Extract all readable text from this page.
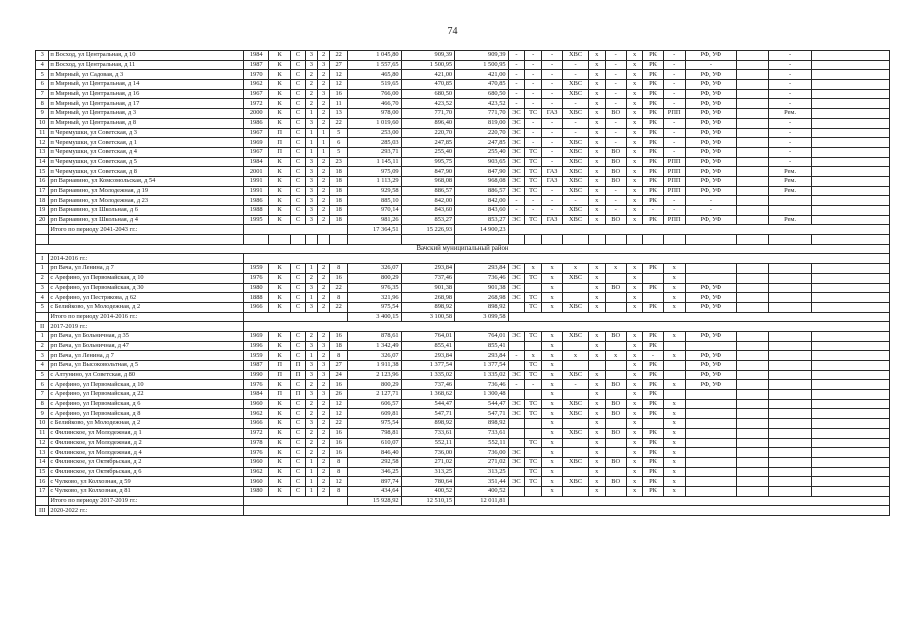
74
3	п Восход, ул Центральная, д 10	1984	К	С	3	2	22	1 045,80	909,39	909,39	-	-	-	ХВС	х	-	х	РК	-	РФ, УФ		-	
4	п Восход, ул Центральная, д 11	1987	К	С	3	3	27	1 557,65	1 500,95	1 500,95	-	-	-	-	х	-	х	РК	-	-		-	
5	п Мирный, ул Садовая, д 3	1970	К	С	2	2	12	465,80	421,00	421,00	-	-	-	-	х	-	х	РК	-	РФ, УФ		-	
6	п Мирный, ул Центральная, д 14	1962	К	С	2	2	12	519,65	470,85	470,85	-	-	-	ХВС	х	-	х	РК	-	РФ, УФ		-	
7	п Мирный, ул Центральная, д 16	1967	К	С	2	3	16	766,00	680,50	680,50	-	-	-	ХВС	х	-	х	РК	-	РФ, УФ		-	
8	п Мирный, ул Центральная, д 17	1972	К	С	2	2	11	466,70	423,52	423,52	-	-	-	-	х	-	х	РК	-	РФ, УФ		-	
9	п Мирный, ул Центральная, д 3	2000	К	С	1	2	13	978,00	771,70	771,70	ЭС	ТС	ГАЗ	ХВС	х	ВО	х	РК	РПП	РФ, УФ		Рем.	
10	п Мирный, ул Центральная, д 8	1986	К	С	3	2	22	1 019,60	896,40	819,00	ЭС	-	-	-	х	-	х	РК	-	РФ, УФ		-	
11	п Черемушки, ул Советская, д 3	1967	П	С	1	1	5	253,00	220,70	220,70	ЭС	-	-	-	х	-	х	РК	-	РФ, УФ		-	
12	п Черемушки, ул Советская, д 1	1969	П	С	1	1	6	285,03	247,85	247,85	ЭС	-	-	ХВС	х	-	х	РК	-	РФ, УФ		-	
13	п Черемушки, ул Советская, д 4	1967	П	С	1	1	5	293,71	255,40	255,40	ЭС	ТС	-	ХВС	х	ВО	х	РК	-	РФ, УФ		-	
14	п Черемушки, ул Советская, д 5	1984	К	С	3	2	23	1 145,11	995,75	903,65	ЭС	ТС	-	ХВС	х	ВО	х	РК	РПП	РФ, УФ		-	
15	п Черемушки, ул Советская, д 8	2001	К	С	3	2	18	975,09	847,90	847,90	ЭС	ТС	ГАЗ	ХВС	х	ВО	х	РК	РПП	РФ, УФ		Рем.	
16	рп Варнавино, ул Комсомольская, д 54	1991	К	С	3	2	18	1 113,29	968,08	968,08	ЭС	ТС	ГАЗ	ХВС	х	ВО	х	РК	РПП	РФ, УФ		Рем.	
17	рп Варнавино, ул Молодежная, д 19	1991	К	С	3	2	18	929,58	886,57	886,57	ЭС	ТС	-	ХВС	х	-	х	РК	РПП	РФ, УФ		Рем.	
18	рп Варнавино, ул Молодежная, д 23	1986	К	С	3	2	18	885,10	842,00	842,00	-	-	-	-	х	-	х	РК	-	-			
19	рп Варнавино, ул Школьная, д 6	1988	К	С	3	2	18	970,14	843,60	843,60	-	-	-	ХВС	х	-	х	-	-	-			
20	рп Варнавино, ул Школьная, д 4	1995	К	С	3	2	18	981,26	853,27	853,27	ЭС	ТС	ГАЗ	ХВС	х	ВО	х	РК	РПП	РФ, УФ		Рем.	
	Итого по периоду 2041-2043 гг.:							17 364,51	15 226,93	14 900,23													

Вачский муниципальный район																							
I	2014-2016 гг.:																						
1	рп Вача, ул Ленина, д 7	1959	К	С	1	2	8	326,07	293,84	293,84	ЭС	х	х	х	х	х	х	РК	х				
2	с Арефино, ул Первомайская, д 10	1976	К	С	2	2	16	800,29	737,46	736,46	ЭС	ТС	х	ХВС	х		х		х				
3	с Арефино, ул Первомайская, д 30	1980	К	С	3	2	22	976,35	901,38	901,38	ЭС		х		х	ВО	х	РК	х	РФ, УФ			
4	с Арефино, ул Пестрякова, д 62	1888	К	С	1	2	8	321,96	268,98	268,98	ЭС	ТС	х		х		х		х	РФ, УФ			
5	с Белийково, ул Молодежная, д 2	1966	К	С	3	2	22	975,54	898,92	898,92		ТС	х	ХВС	х		х	РК	х	РФ, УФ			
	Итого по периоду 2014-2016 гг.:							3 400,15	3 100,58	3 099,58													
II	2017-2019 гг.:																						
1	рп Вача, ул Больничная, д 35	1969	К	С	2	2	16	878,61	764,01	764,01	ЭС	ТС	х	ХВС	х	ВО	х	РК	х	РФ, УФ			
2	рп Вача, ул Больничная, д 47	1996	К	С	3	3	18	1 342,49	855,41	855,41			х		х		х	РК					
3	рп Вача, ул Ленина, д 7	1959	К	С	1	2	8	326,07	293,84	293,84	-	х	х	х	х	х	х	-	х	РФ, УФ			
4	рп Вача, ул Высоковольтная, д 5	1987	П	П	3	3	27	1 911,38	1 377,54	1 377,54		ТС	х				х	РК		РФ, УФ			
5	с Алтунино, ул Советская, д 80	1990	П	П	3	3	24	2 123,96	1 335,02	1 335,02	ЭС	ТС	х	ХВС	х		х	РК		РФ, УФ			
6	с Арефино, ул Первомайская, д 10	1976	К	С	2	2	16	800,29	737,46	736,46	-	-	х	-	х	ВО	х	РК	х	РФ, УФ			
7	с Арефино, ул Первомайская, д 22	1984	П	П	3	3	26	2 127,71	1 368,62	1 300,48			х		х		х	РК					
8	с Арефино, ул Первомайская, д 6	1960	К	С	2	2	12	606,57	544,47	544,47	ЭС	ТС	х	ХВС	х	ВО	х	РК	х				
9	с Арефино, ул Первомайская, д 8	1962	К	С	2	2	12	609,81	547,71	547,71	ЭС	ТС	х	ХВС	х	ВО	х	РК	х				
10	с Белийково, ул Молодежная, д 2	1966	К	С	3	2	22	975,54	898,92	898,92			х		х		х		х				
11	с Филинское, ул Молодежная, д 1	1972	К	С	2	2	16	798,81	733,61	733,61			х	ХВС	х	ВО	х	РК	х				
12	с Филинское, ул Молодежная, д 2	1978	К	С	2	2	16	610,07	552,11	552,11		ТС	х		х		х	РК	х				
13	с Филинское, ул Молодежная, д 4	1976	К	С	2	2	16	846,40	736,00	736,00	ЭС		х		х		х	РК	х				
14	с Филинское, ул Октябрьская, д 2	1960	К	С	1	2	8	292,58	271,02	271,02	ЭС	ТС	х	ХВС	х	ВО	х	РК	х				
15	с Филинское, ул Октябрьская, д 6	1962	К	С	1	2	8	346,25	313,25	313,25		ТС	х		х		х	РК	х				
16	с Чулково, ул Колхозная, д 59	1960	К	С	1	2	12	897,74	780,64	351,44	ЭС	ТС	х	ХВС	х	ВО	х	РК	х				
17	с Чулково, ул Колхозная, д 81	1980	К	С	1	2	8	434,64	400,52	400,52			х		х		х	РК	х				
	Итого по периоду 2017-2019 гг.:							15 928,92	12 510,15	12 011,81													
III	2020-2022 гг.:																						
